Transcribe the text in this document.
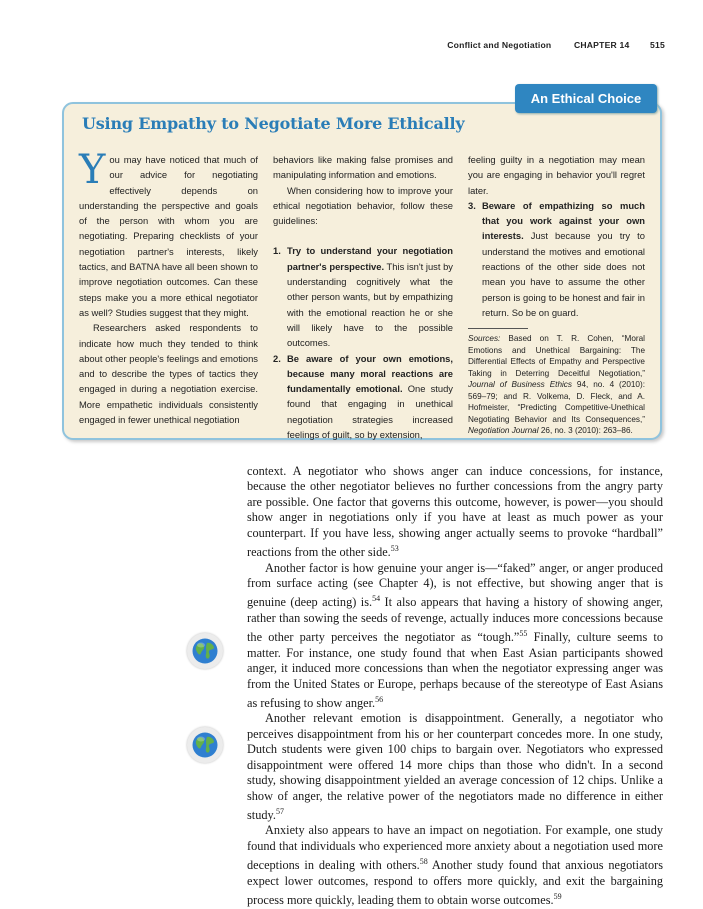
Conflict and Negotiation	CHAPTER 14 515
An Ethical Choice
Using Empathy to Negotiate More Ethically

You may have noticed that much of our advice for negotiating effectively depends on understanding the perspective and goals of the person with whom you are negotiating. Preparing checklists of your negotiation partner's interests, likely tactics, and BATNA have all been shown to improve negotiation outcomes. Can these steps make you a more ethical negotiator as well? Studies suggest that they might.

Researchers asked respondents to indicate how much they tended to think about other people's feelings and emotions and to describe the types of tactics they engaged in during a negotiation exercise. More empathetic individuals consistently engaged in fewer unethical negotiation

behaviors like making false promises and manipulating information and emotions.

When considering how to improve your ethical negotiation behavior, follow these guidelines:

1. Try to understand your negotiation partner's perspective. This isn't just by understanding cognitively what the other person wants, but by empathizing with the emotional reaction he or she will likely have to the possible outcomes.
2. Be aware of your own emotions, because many moral reactions are fundamentally emotional. One study found that engaging in unethical negotiation strategies increased feelings of guilt, so by extension,

feeling guilty in a negotiation may mean you are engaging in behavior you'll regret later.

3. Beware of empathizing so much that you work against your own interests. Just because you try to understand the motives and emotional reactions of the other side does not mean you have to assume the other person is going to be honest and fair in return. So be on guard.

Sources: Based on T. R. Cohen, “Moral Emotions and Unethical Bargaining: The Differential Effects of Empathy and Perspective Taking in Deterring Deceitful Negotiation,” Journal of Business Ethics 94, no. 4 (2010): 569–79; and R. Volkema, D. Fleck, and A. Hofmeister, “Predicting Competitive-Unethical Negotiating Behavior and Its Consequences,” Negotiation Journal 26, no. 3 (2010): 263–86.

context. A negotiator who shows anger can induce concessions, for instance, because the other negotiator believes no further concessions from the angry party are possible. One factor that governs this outcome, however, is power—you should show anger in negotiations only if you have at least as much power as your counterpart. If you have less, showing anger actually seems to provoke “hardball” reactions from the other side.$^{53}$

Another factor is how genuine your anger is—“faked” anger, or anger produced from surface acting (see Chapter 4), is not effective, but showing anger that is genuine (deep acting) is.$^{54}$ It also appears that having a history of showing anger, rather than sowing the seeds of revenge, actually induces more concessions because the other party perceives the negotiator as “tough.”$^{55}$ Finally, culture seems to matter. For instance, one study found that when East Asian participants showed anger, it induced more concessions than when the negotiator expressing anger was from the United States or Europe, perhaps because of the stereotype of East Asians as refusing to show anger.$^{56}$

Another relevant emotion is disappointment. Generally, a negotiator who perceives disappointment from his or her counterpart concedes more. In one study, Dutch students were given 100 chips to bargain over. Negotiators who expressed disappointment were offered 14 more chips than those who didn't. In a second study, showing disappointment yielded an average concession of 12 chips. Unlike a show of anger, the relative power of the negotiators made no difference in either study.$^{57}$

Anxiety also appears to have an impact on negotiation. For example, one study found that individuals who experienced more anxiety about a negotiation used more deceptions in dealing with others.$^{58}$ Another study found that anxious negotiators expect lower outcomes, respond to offers more quickly, and exit the bargaining process more quickly, leading them to obtain worse outcomes.$^{59}$
